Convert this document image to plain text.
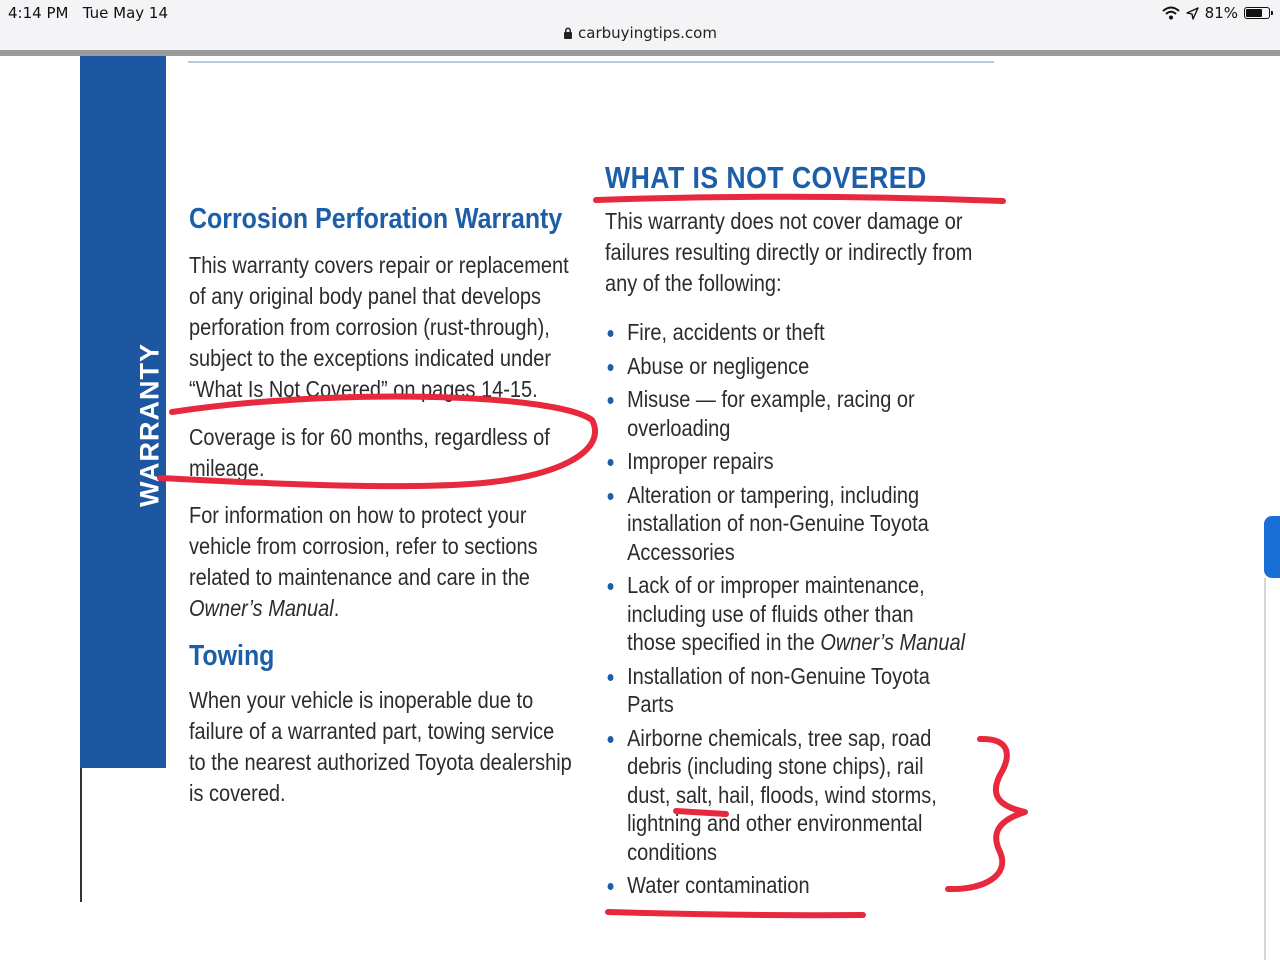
4:14 PM Tue May 14	81%
carbuyingtips.com
WARRANTY
Corrosion Perforation Warranty
This warranty covers repair or replacement
of any original body panel that develops
perforation from corrosion (rust-through),
subject to the exceptions indicated under
“What Is Not Covered” on pages 14-15.
Coverage is for 60 months, regardless of
mileage.
For information on how to protect your
vehicle from corrosion, refer to sections
related to maintenance and care in the
Owner’s Manual.
Towing
When your vehicle is inoperable due to
failure of a warranted part, towing service
to the nearest authorized Toyota dealership
is covered.
WHAT IS NOT COVERED
This warranty does not cover damage or
failures resulting directly or indirectly from
any of the following:
Fire, accidents or theft
Abuse or negligence
Misuse — for example, racing or
overloading
Improper repairs
Alteration or tampering, including
installation of non-Genuine Toyota
Accessories
Lack of or improper maintenance,
including use of fluids other than
those specified in the Owner’s Manual
Installation of non-Genuine Toyota
Parts
Airborne chemicals, tree sap, road
debris (including stone chips), rail
dust, salt, hail, floods, wind storms,
lightning and other environmental
conditions
Water contamination
